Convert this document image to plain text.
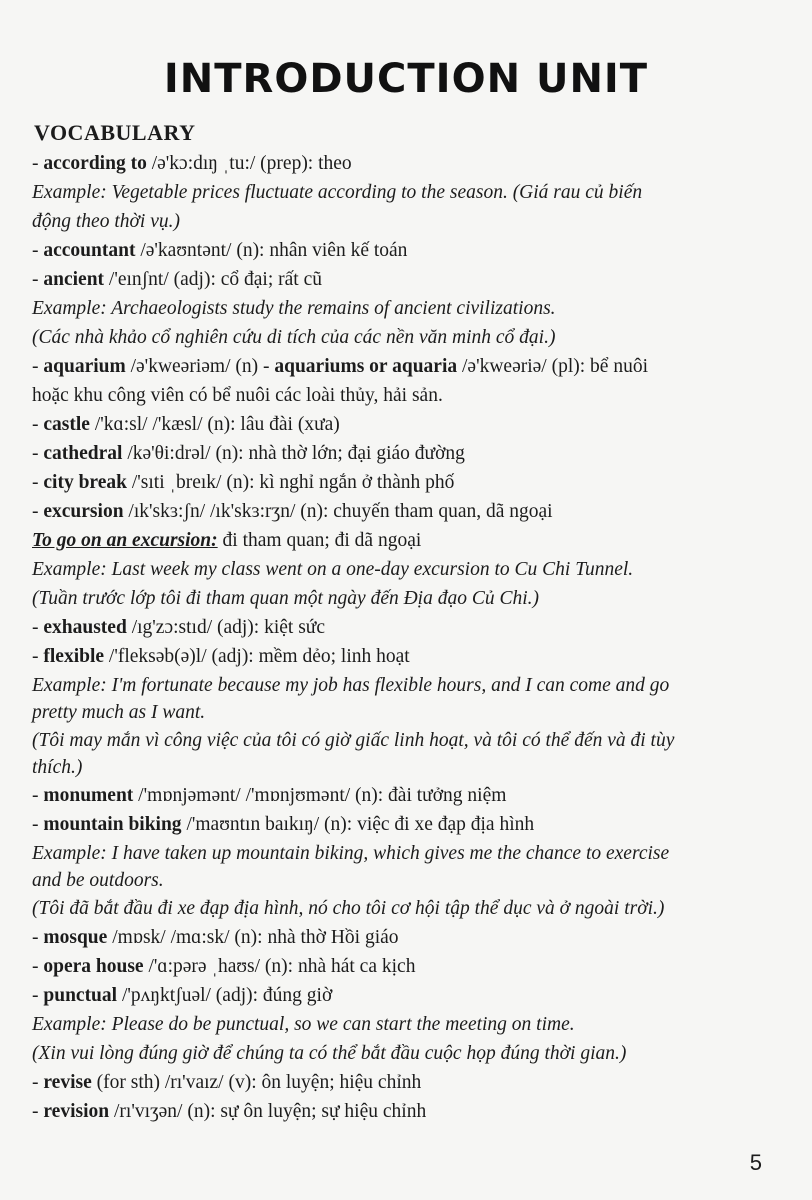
INTRODUCTION UNIT
VOCABULARY
- according to /ə'kɔ:dıŋ ˌtu:/ (prep): theo
Example: Vegetable prices fluctuate according to the season. (Giá rau củ biến
động theo thời vụ.)
- accountant /ə'kaʊntənt/ (n): nhân viên kế toán
- ancient /'eınʃnt/ (adj): cổ đại; rất cũ
Example: Archaeologists study the remains of ancient civilizations.
(Các nhà khảo cổ nghiên cứu di tích của các nền văn minh cổ đại.)
- aquarium /ə'kweəriəm/ (n) - aquariums or aquaria /ə'kweəriə/ (pl): bể nuôi
hoặc khu công viên có bể nuôi các loài thủy, hải sản.
- castle /'kɑ:sl/ /'kæsl/ (n): lâu đài (xưa)
- cathedral /kə'θi:drəl/ (n): nhà thờ lớn; đại giáo đường
- city break /'sıti ˌbreık/ (n): kì nghỉ ngắn ở thành phố
- excursion /ık'skɜ:ʃn/ /ık'skɜ:rʒn/ (n): chuyến tham quan, dã ngoại
To go on an excursion: đi tham quan; đi dã ngoại
Example: Last week my class went on a one-day excursion to Cu Chi Tunnel.
(Tuần trước lớp tôi đi tham quan một ngày đến Địa đạo Củ Chi.)
- exhausted /ıg'zɔ:stıd/ (adj): kiệt sức
- flexible /'fleksəb(ə)l/ (adj): mềm dẻo; linh hoạt
Example: I'm fortunate because my job has flexible hours, and I can come and go
pretty much as I want.
(Tôi may mắn vì công việc của tôi có giờ giấc linh hoạt, và tôi có thể đến và đi tùy
thích.)
- monument /'mɒnjəmənt/ /'mɒnjʊmənt/ (n): đài tưởng niệm
- mountain biking /'maʊntın baıkıŋ/ (n): việc đi xe đạp địa hình
Example: I have taken up mountain biking, which gives me the chance to exercise
and be outdoors.
(Tôi đã bắt đầu đi xe đạp địa hình, nó cho tôi cơ hội tập thể dục và ở ngoài trời.)
- mosque /mɒsk/ /mɑ:sk/ (n): nhà thờ Hồi giáo
- opera house /'ɑ:pərə ˌhaʊs/ (n): nhà hát ca kịch
- punctual /'pʌŋktʃuəl/ (adj): đúng giờ
Example: Please do be punctual, so we can start the meeting on time.
(Xin vui lòng đúng giờ để chúng ta có thể bắt đầu cuộc họp đúng thời gian.)
- revise (for sth) /rı'vaız/ (v): ôn luyện; hiệu chỉnh
- revision /rı'vıʒən/ (n): sự ôn luyện; sự hiệu chỉnh
5
